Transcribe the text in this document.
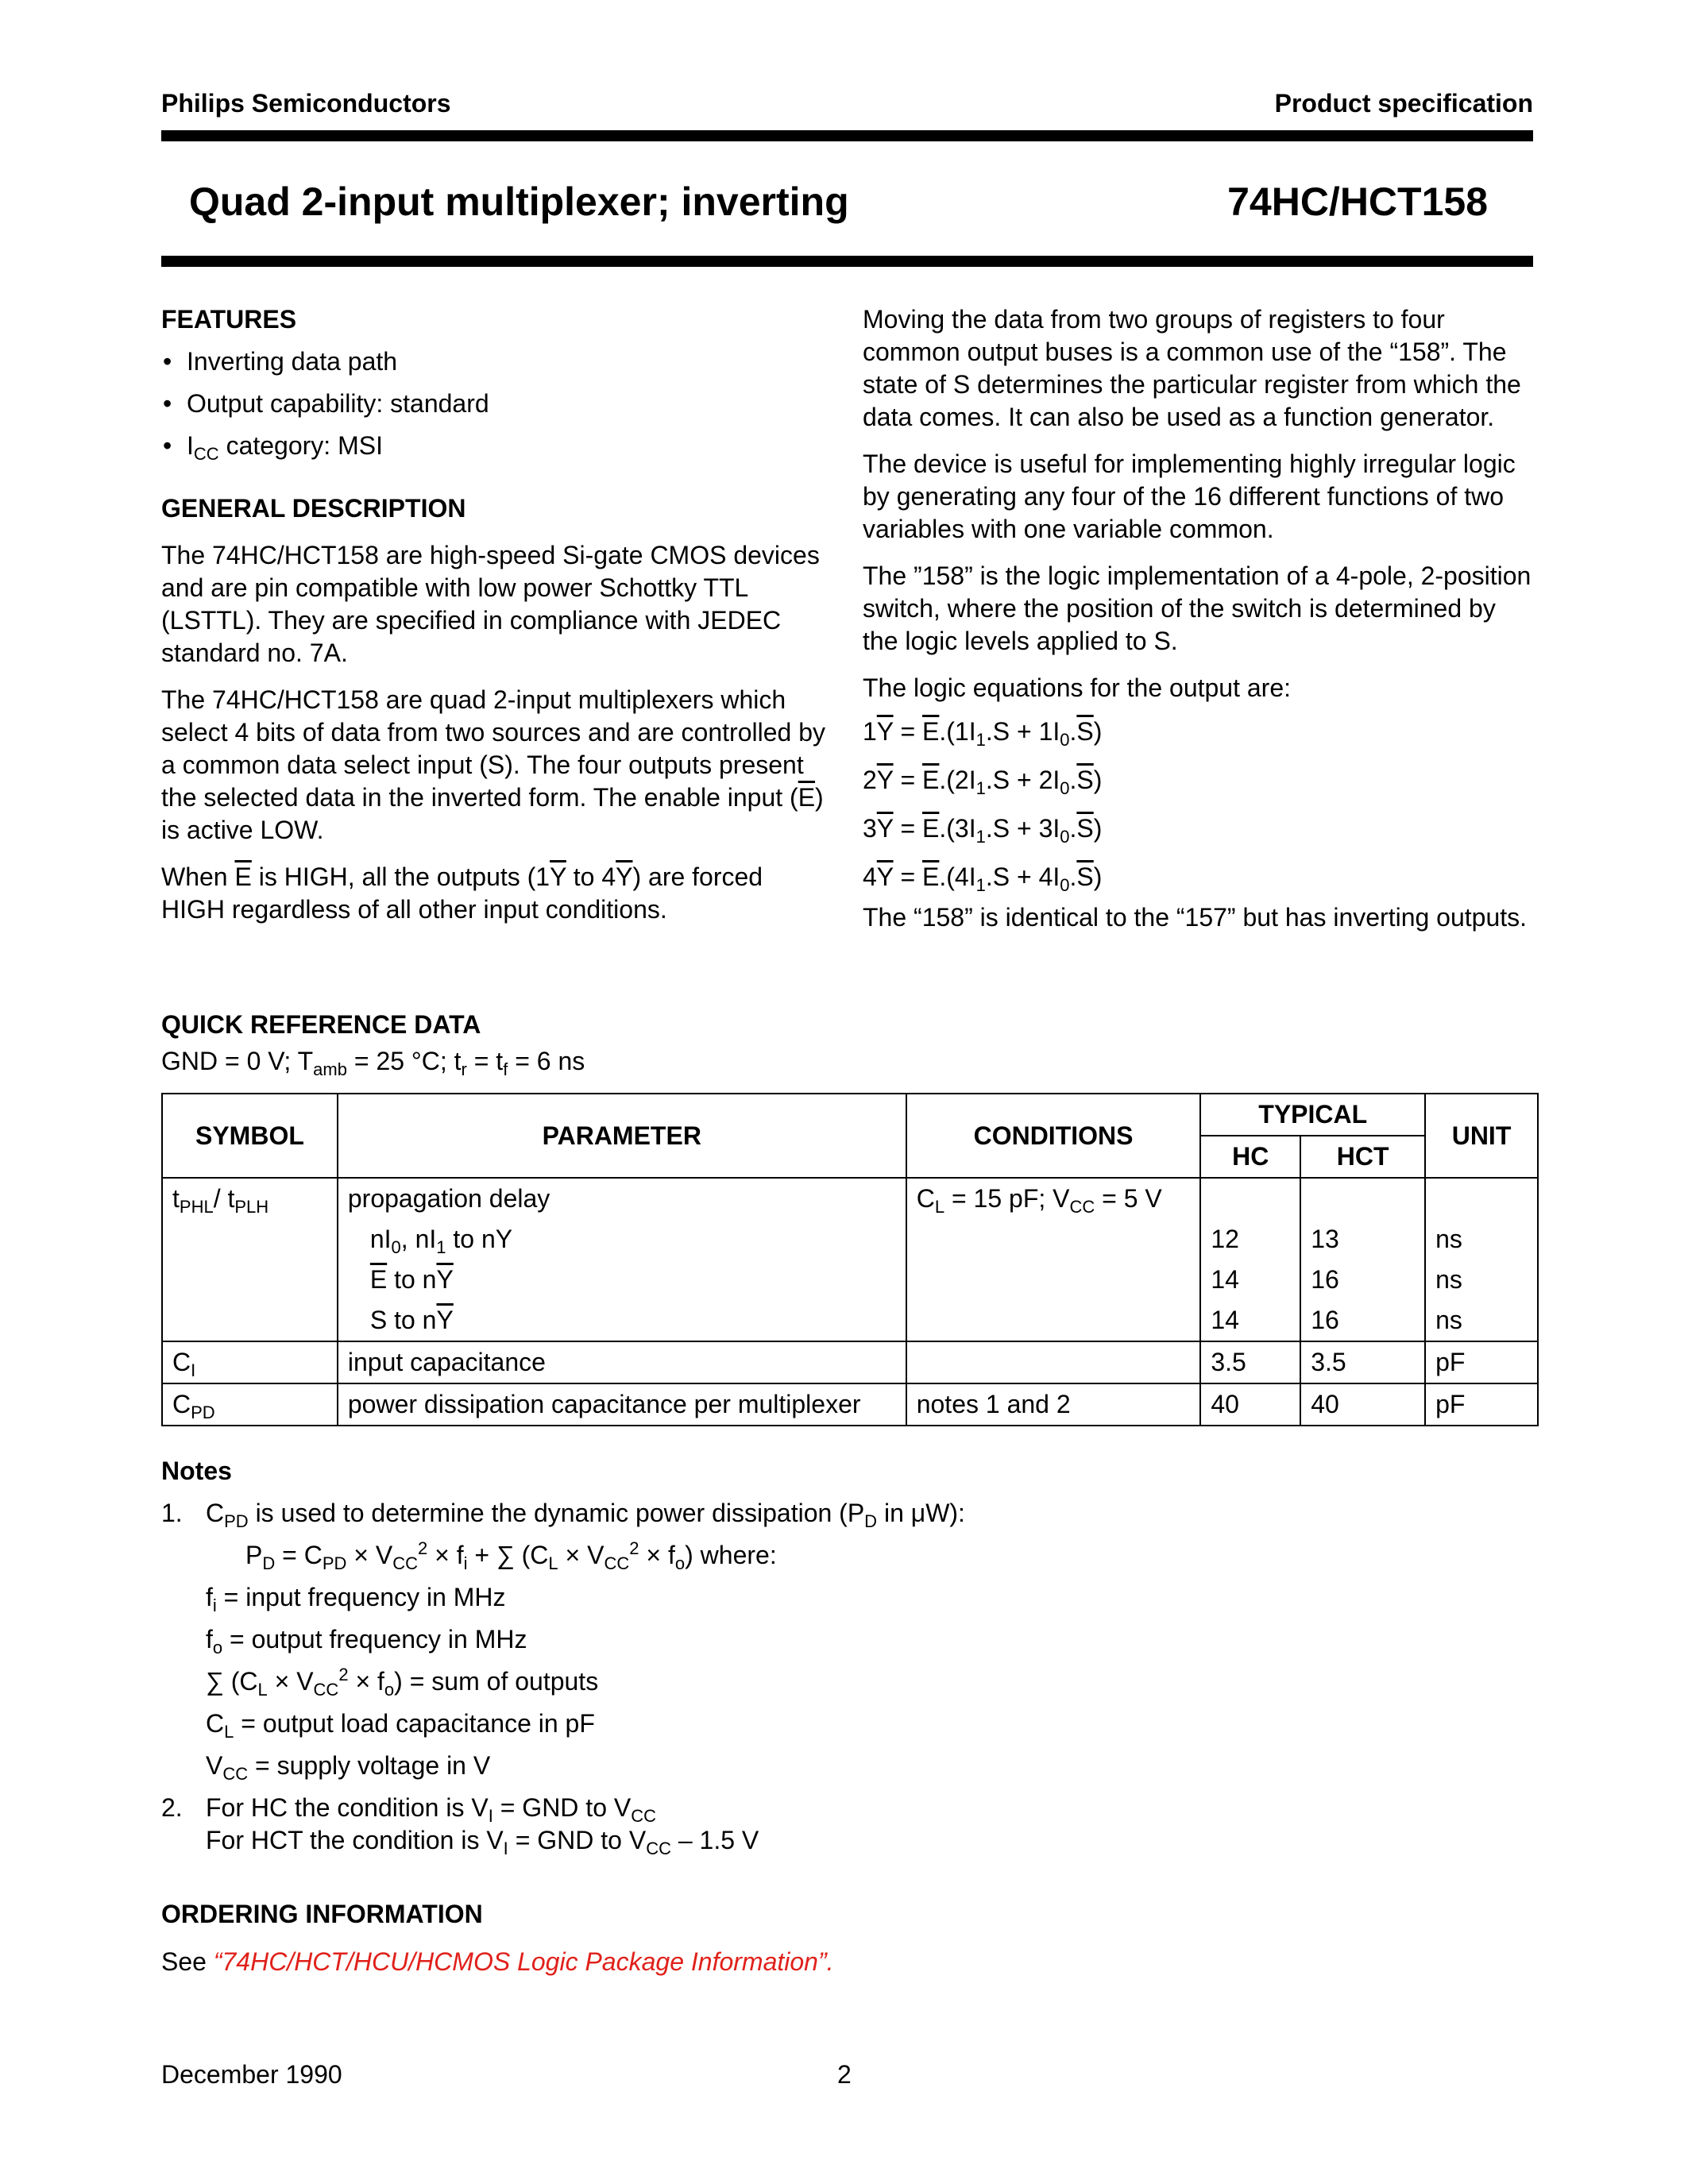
Philips Semiconductors	Product specification
Quad 2-input multiplexer; inverting	74HC/HCT158

FEATURES

• Inverting data path

• Output capability: standard

• $I_{CC}$ category: MSI

GENERAL DESCRIPTION

The 74HC/HCT158 are high-speed Si-gate CMOS devices and are pin compatible with low power Schottky TTL (LSTTL). They are specified in compliance with JEDEC standard no. 7A.

The 74HC/HCT158 are quad 2-input multiplexers which select 4 bits of data from two sources and are controlled by a common data select input (S). The four outputs present the selected data in the inverted form. The enable input $(\overline{E})$ is active LOW.

When $\overline{E}$ is HIGH, all the outputs ($1\overline{Y}$ to $4\overline{Y}$) are forced HIGH regardless of all other input conditions.

Moving the data from two groups of registers to four common output buses is a common use of the “158”. The state of S determines the particular register from which the data comes. It can also be used as a function generator.

The device is useful for implementing highly irregular logic by generating any four of the 16 different functions of two variables with one variable common.

The ”158” is the logic implementation of a 4-pole, 2-position switch, where the position of the switch is determined by the logic levels applied to S.

The logic equations for the output are:

$1\overline{Y} = \overline{E}.(1I_1.S + 1I_0.\overline{S})$

$2\overline{Y} = \overline{E}.(2I_1.S + 2I_0.\overline{S})$

$3\overline{Y} = \overline{E}.(3I_1.S + 3I_0.\overline{S})$

$4\overline{Y} = \overline{E}.(4I_1.S + 4I_0.\overline{S})$

The “158” is identical to the “157” but has inverting outputs.

QUICK REFERENCE DATA
GND = 0 V; $T_{amb} = 25$ °C; $t_r = t_f = 6$ ns
SYMBOL	PARAMETER	CONDITIONS	TYPICAL		UNIT
			HC	HCT	
$t_{PHL}/$ $t_{PLH}$	propagation delay	$C_L = 15$ pF; $V_{CC} = 5$ V			
	$nI_0$, $nI_1$ to nY		12	13	ns
	$\overline{E}$ to $n\overline{Y}$		14	16	ns
	S to $n\overline{Y}$		14	16	ns
$C_I$	input capacitance		3.5	3.5	pF
$C_{PD}$	power dissipation capacitance per multiplexer	notes 1 and 2	40	40	pF

Notes

1. $C_{PD}$ is used to determine the dynamic power dissipation ($P_D$ in μW):

$P_D = C_{PD} \times V_{CC}^2 \times f_i$ + ∑ $(C_L \times V_{CC}^2 \times f_o)$ where:

$f_i$ = input frequency in MHz

$f_o$ = output frequency in MHz

∑ $(C_L \times V_{CC}^2 \times f_o)$ = sum of outputs

$C_L$ = output load capacitance in pF

$V_{CC}$ = supply voltage in V

2. For HC the condition is $V_I$ = GND to $V_{CC}$

For HCT the condition is $V_I$ = GND to $V_{CC} - 1.5$ V

ORDERING INFORMATION
See “74HC/HCT/HCU/HCMOS Logic Package Information”.
December 1990	2
